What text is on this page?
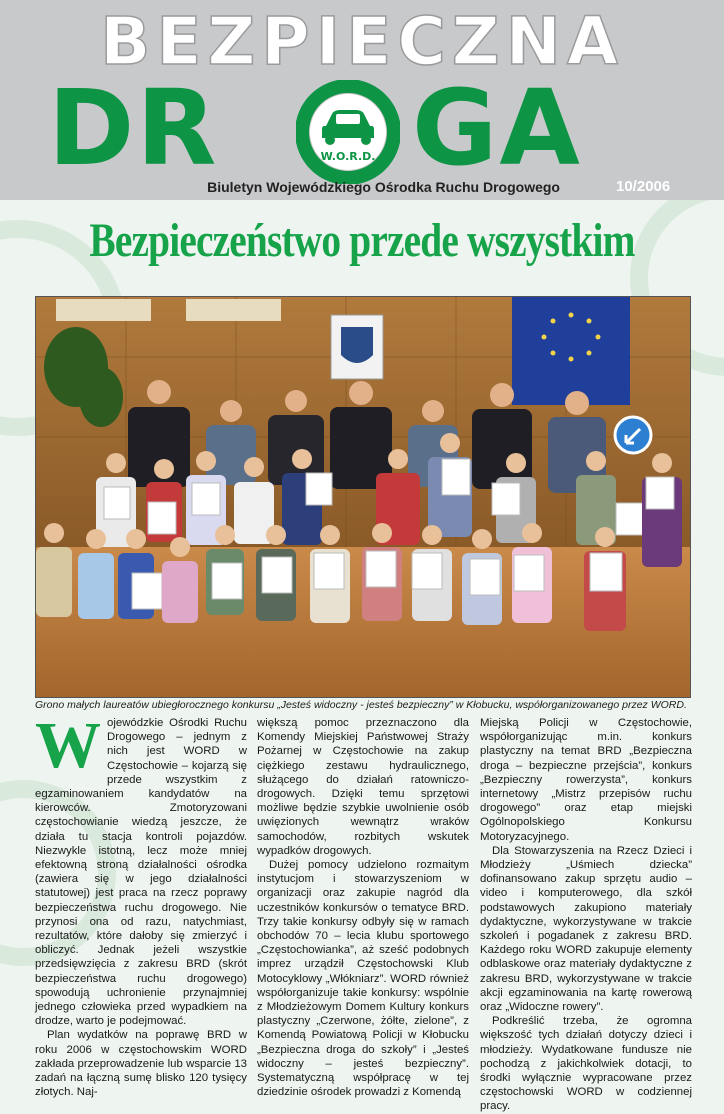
BEZPIECZNA
DR	W.O.R.D. GA
Biuletyn Wojewódzkiego Ośrodka Ruchu Drogowego	10/2006
Bezpieczeństwo przede wszystkim
Grono małych laureatów ubiegłorocznego konkursu „Jesteś widoczny - jesteś bezpieczny” w Kłobucku, współorganizowanego przez WORD.
W ojewódzkie Ośrodki Ruchu Drogowego – jednym z nich jest WORD w Częstochowie – kojarzą się przede wszystkim z egzaminowaniem kandydatów na kierowców. Zmotoryzowani częstochowianie wiedzą jeszcze, że działa tu stacja kontroli pojazdów. Niezwykle istotną, lecz może mniej efektowną stroną działalności ośrodka (zawiera się w jego działalności statutowej) jest praca na rzecz poprawy bezpieczeństwa ruchu drogowego. Nie przynosi ona od razu, natychmiast, rezultatów, które dałoby się zmierzyć i obliczyć. Jednak jeżeli wszystkie przedsięwzięcia z zakresu BRD (skrót bezpieczeństwa ruchu drogowego) spowodują uchronienie przynajmniej jednego człowieka przed wypadkiem na drodze, warto je podejmować.

Plan wydatków na poprawę BRD w roku 2006 w częstochowskim WORD zakłada przeprowadzenie lub wsparcie 13 zadań na łączną sumę blisko 120 tysięcy złotych. Naj-

większą pomoc przeznaczono dla Komendy Miejskiej Państwowej Straży Pożarnej w Częstochowie na zakup ciężkiego zestawu hydraulicznego, służącego do działań ratowniczo-drogowych. Dzięki temu sprzętowi możliwe będzie szybkie uwolnienie osób uwięzionych wewnątrz wraków samochodów, rozbitych wskutek wypadków drogowych.

Dużej pomocy udzielono rozmaitym instytucjom i stowarzyszeniom w organizacji oraz zakupie nagród dla uczestników konkursów o tematyce BRD. Trzy takie konkursy odbyły się w ramach obchodów 70 – lecia klubu sportowego „Częstochowianka”, aż sześć podobnych imprez urządził Częstochowski Klub Motocyklowy „Włókniarz”. WORD również współorganizuje takie konkursy: wspólnie z Młodzieżowym Domem Kultury konkurs plastyczny „Czerwone, żółte, zielone”, z Komendą Powiatową Policji w Kłobucku „Bezpieczna droga do szkoły” i „Jesteś widoczny – jesteś bezpieczny”. Systematyczną współpracę w tej dziedzinie ośrodek prowadzi z Komendą

Miejską Policji w Częstochowie, współorganizując m.in. konkurs plastyczny na temat BRD „Bezpieczna droga – bezpieczne przejścia”, konkurs „Bezpieczny rowerzysta”, konkurs internetowy „Mistrz przepisów ruchu drogowego” oraz etap miejski Ogólnopolskiego Konkursu Motoryzacyjnego.

Dla Stowarzyszenia na Rzecz Dzieci i Młodzieży „Uśmiech dziecka” dofinansowano zakup sprzętu audio – video i komputerowego, dla szkół podstawowych zakupiono materiały dydaktyczne, wykorzystywane w trakcie szkoleń i pogadanek z zakresu BRD. Każdego roku WORD zakupuje elementy odblaskowe oraz materiały dydaktyczne z zakresu BRD, wykorzystywane w trakcie akcji egzaminowania na kartę rowerową oraz „Widoczne rowery”.

Podkreślić trzeba, że ogromna większość tych działań dotyczy dzieci i młodzieży. Wydatkowane fundusze nie pochodzą z jakichkolwiek dotacji, to środki wyłącznie wypracowane przez częstochowski WORD w codziennej pracy.
